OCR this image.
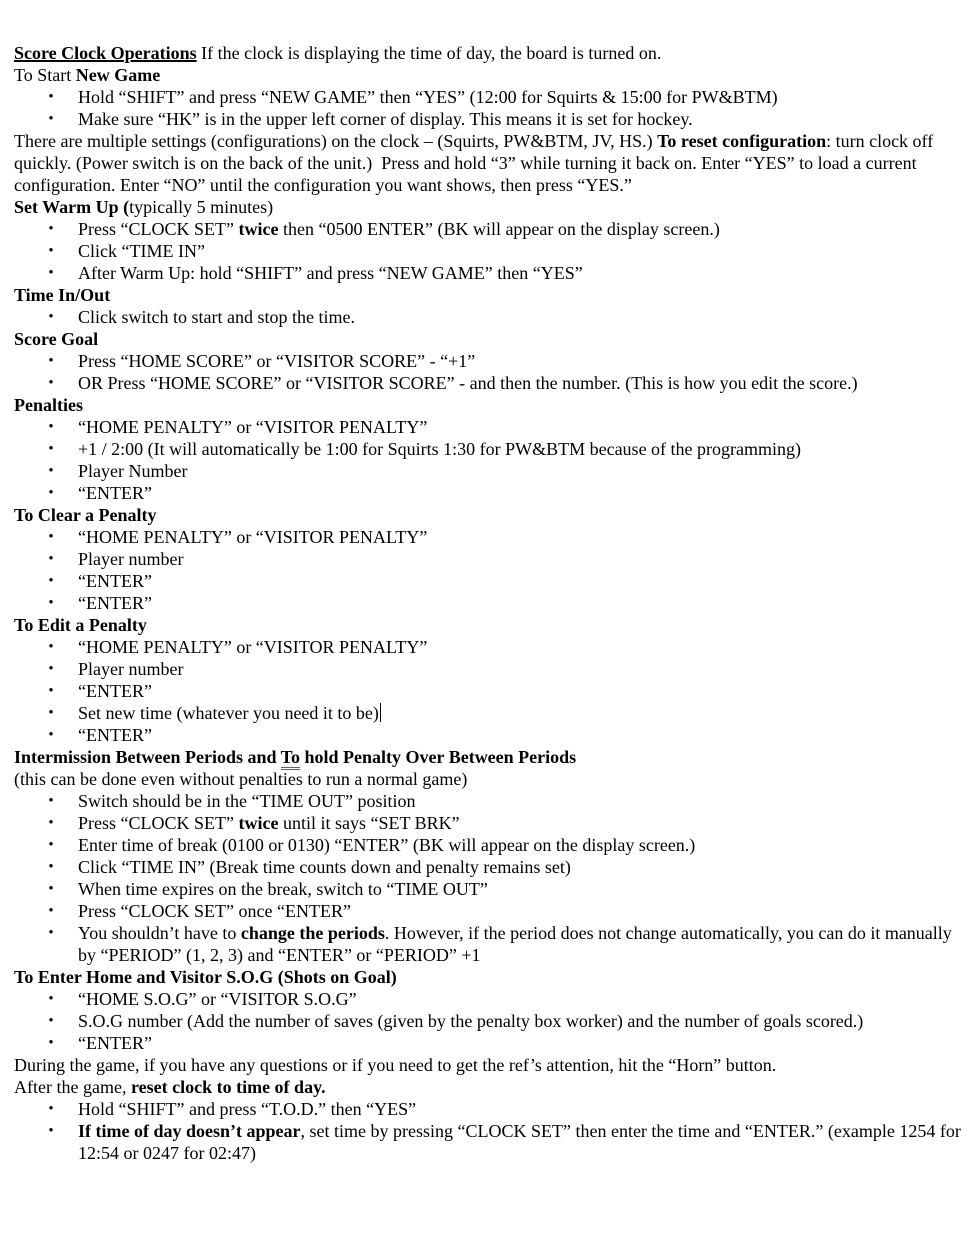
Score Clock Operations If the clock is displaying the time of day, the board is turned on.

To Start New Game

• Hold “SHIFT” and press “NEW GAME” then “YES” (12:00 for Squirts & 15:00 for PW&BTM)
• Make sure “HK” is in the upper left corner of display. This means it is set for hockey.

There are multiple settings (configurations) on the clock – (Squirts, PW&BTM, JV, HS.) To reset configuration: turn clock off quickly. (Power switch is on the back of the unit.)  Press and hold “3” while turning it back on. Enter “YES” to load a current configuration. Enter “NO” until the configuration you want shows, then press “YES.”

Set Warm Up (typically 5 minutes)

• Press “CLOCK SET” twice then “0500 ENTER” (BK will appear on the display screen.)
• Click “TIME IN”
• After Warm Up: hold “SHIFT” and press “NEW GAME” then “YES”

Time In/Out

• Click switch to start and stop the time.

Score Goal

• Press “HOME SCORE” or “VISITOR SCORE” - “+1”
• OR Press “HOME SCORE” or “VISITOR SCORE” - and then the number. (This is how you edit the score.)

Penalties

• “HOME PENALTY” or “VISITOR PENALTY”
• +1 / 2:00 (It will automatically be 1:00 for Squirts 1:30 for PW&BTM because of the programming)
• Player Number
• “ENTER”

To Clear a Penalty

• “HOME PENALTY” or “VISITOR PENALTY”
• Player number
• “ENTER”
• “ENTER”

To Edit a Penalty

• “HOME PENALTY” or “VISITOR PENALTY”
• Player number
• “ENTER”
• Set new time (whatever you need it to be)
• “ENTER”

Intermission Between Periods and To hold Penalty Over Between Periods

(this can be done even without penalties to run a normal game)

• Switch should be in the “TIME OUT” position
• Press “CLOCK SET” twice until it says “SET BRK”
• Enter time of break (0100 or 0130) “ENTER” (BK will appear on the display screen.)
• Click “TIME IN” (Break time counts down and penalty remains set)
• When time expires on the break, switch to “TIME OUT”
• Press “CLOCK SET” once “ENTER”
• You shouldn’t have to change the periods. However, if the period does not change automatically, you can do it manually by “PERIOD” (1, 2, 3) and “ENTER” or “PERIOD” +1

To Enter Home and Visitor S.O.G (Shots on Goal)

• “HOME S.O.G” or “VISITOR S.O.G”
• S.O.G number (Add the number of saves (given by the penalty box worker) and the number of goals scored.)
• “ENTER”

During the game, if you have any questions or if you need to get the ref’s attention, hit the “Horn” button.

After the game, reset clock to time of day.

• Hold “SHIFT” and press “T.O.D.” then “YES”
• If time of day doesn’t appear, set time by pressing “CLOCK SET” then enter the time and “ENTER.” (example 1254 for 12:54 or 0247 for 02:47)
